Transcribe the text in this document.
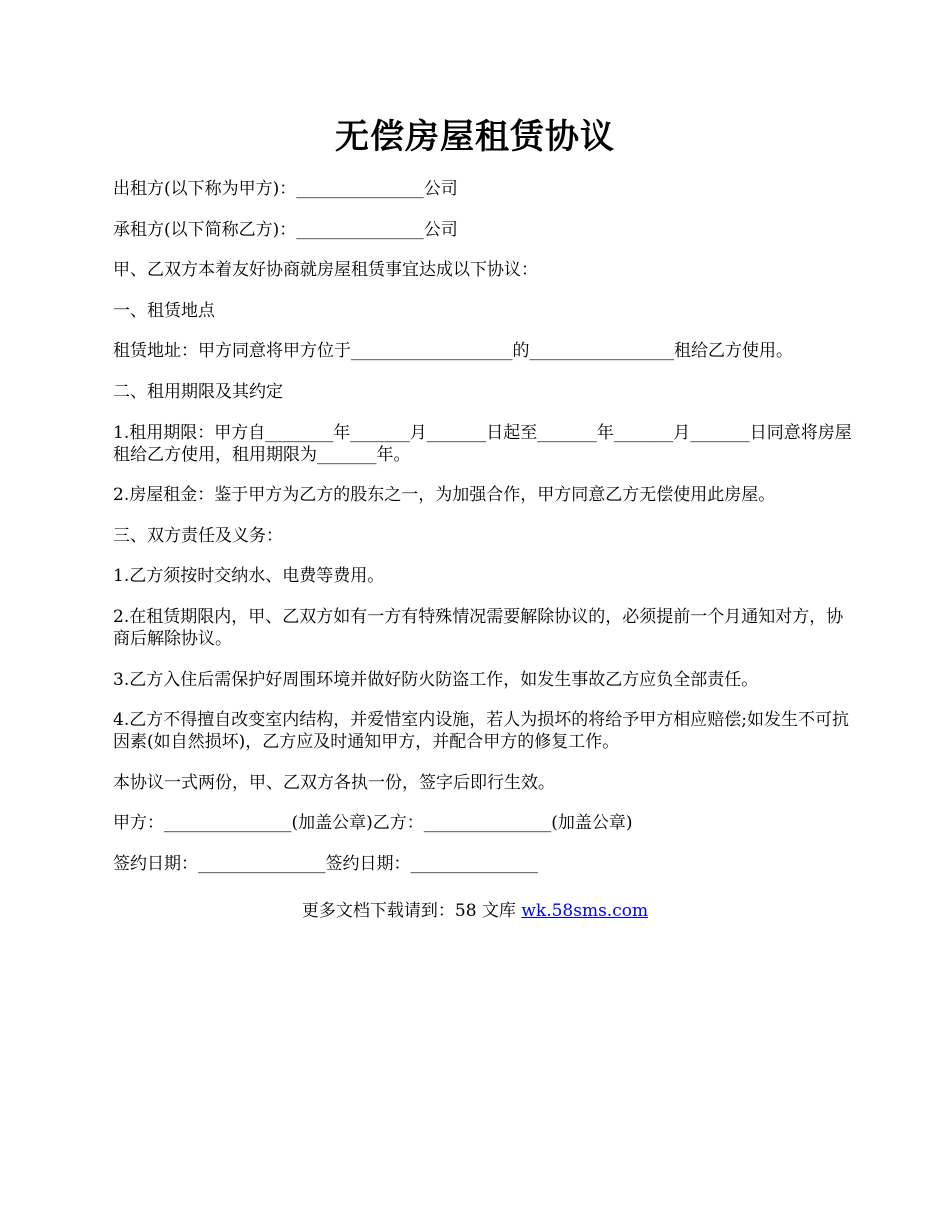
无偿房屋租赁协议

出租方(以下称为甲方)：_______________公司

承租方(以下简称乙方)：_______________公司

甲、乙双方本着友好协商就房屋租赁事宜达成以下协议：

一、租赁地点

租赁地址：甲方同意将甲方位于___________________的_________________租给乙方使用。

二、租用期限及其约定

1.租用期限：甲方自________年_______月_______日起至_______年_______月_______日同意将房屋租给乙方使用，租用期限为_______年。

2.房屋租金：鉴于甲方为乙方的股东之一，为加强合作，甲方同意乙方无偿使用此房屋。

三、双方责任及义务：

1.乙方须按时交纳水、电费等费用。

2.在租赁期限内，甲、乙双方如有一方有特殊情况需要解除协议的，必须提前一个月通知对方，协商后解除协议。

3.乙方入住后需保护好周围环境并做好防火防盗工作，如发生事故乙方应负全部责任。

4.乙方不得擅自改变室内结构，并爱惜室内设施，若人为损坏的将给予甲方相应赔偿;如发生不可抗因素(如自然损坏)，乙方应及时通知甲方，并配合甲方的修复工作。

本协议一式两份，甲、乙双方各执一份，签字后即行生效。

甲方：_______________(加盖公章)乙方：_______________(加盖公章)

签约日期：_______________签约日期：_______________

更多文档下载请到：58 文库 wk.58sms.com
